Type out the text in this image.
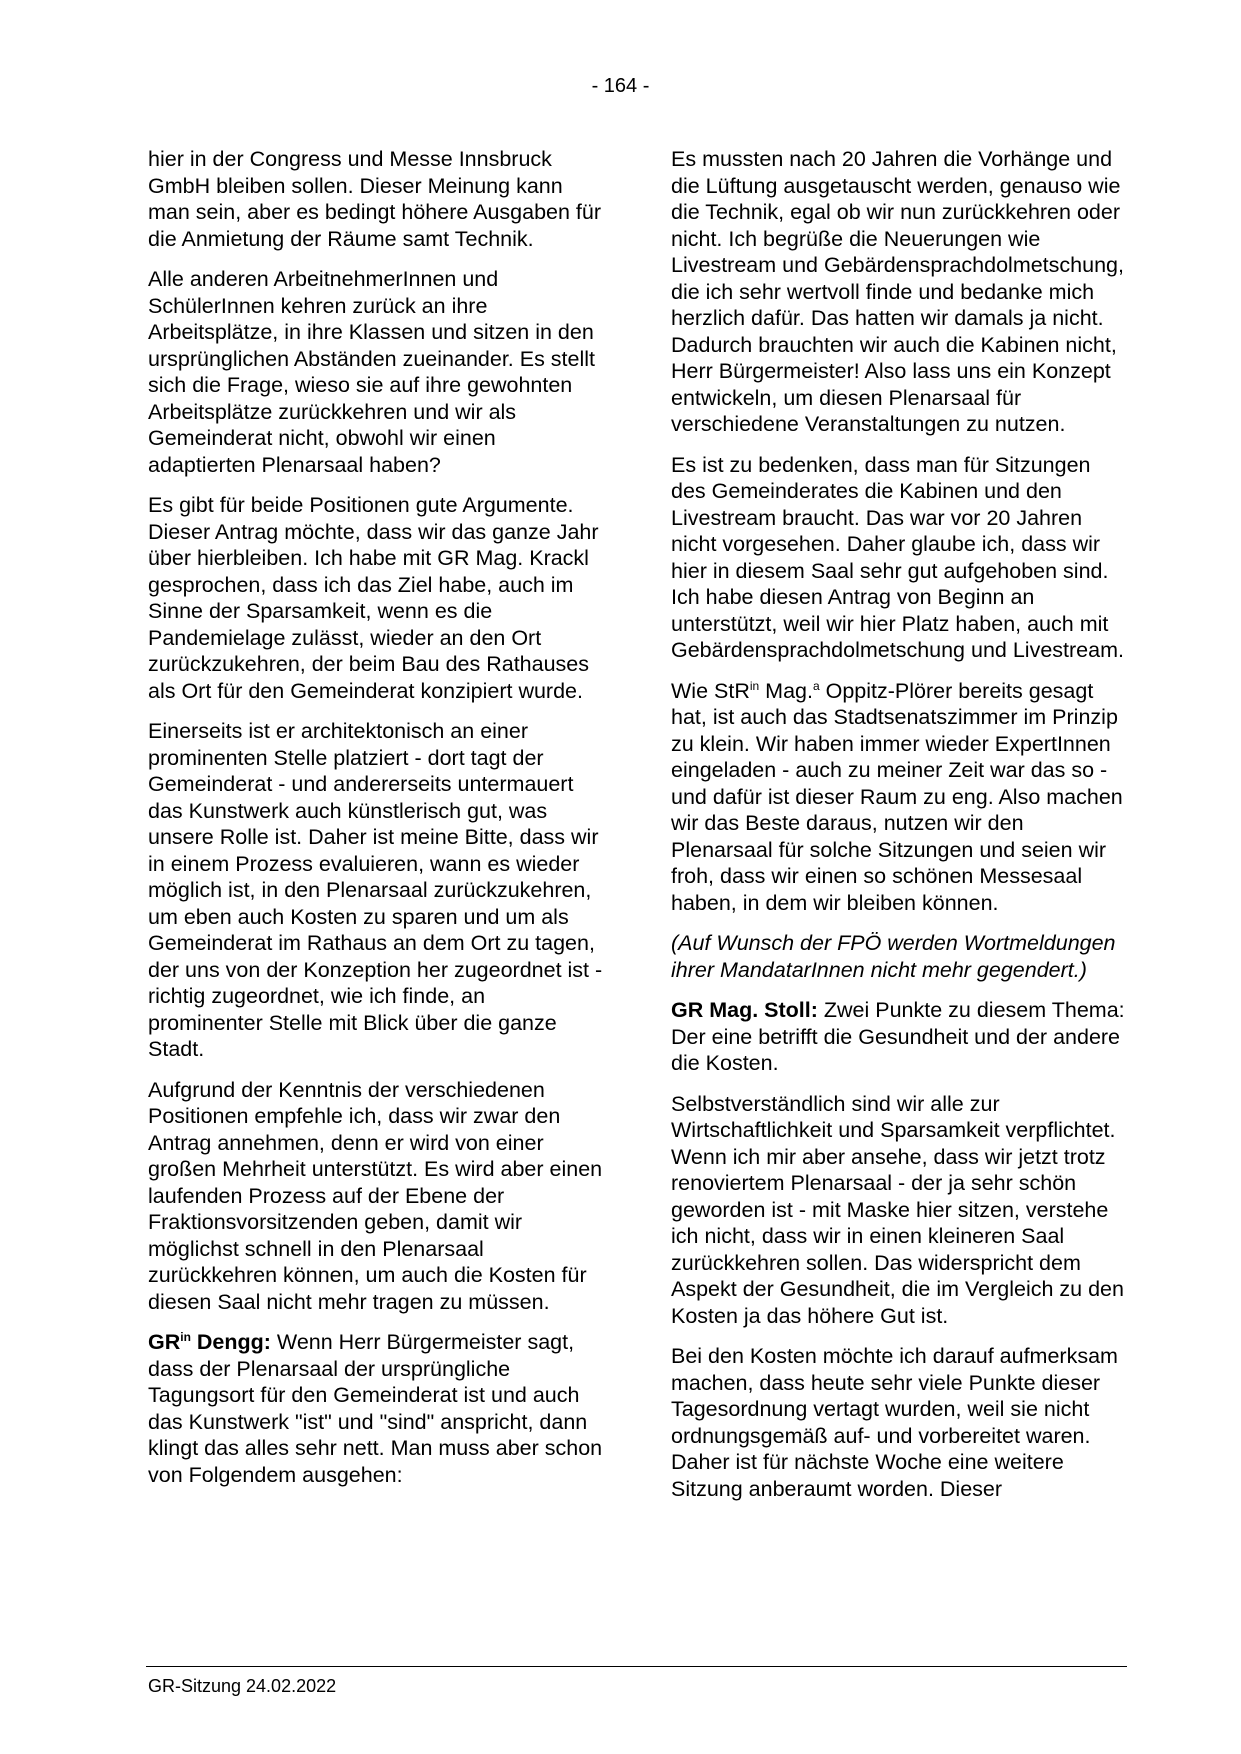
- 164 -

hier in der Congress und Messe Innsbruck GmbH bleiben sollen. Dieser Meinung kann man sein, aber es bedingt höhere Ausgaben für die Anmietung der Räume samt Technik.

Alle anderen ArbeitnehmerInnen und SchülerInnen kehren zurück an ihre Arbeitsplätze, in ihre Klassen und sitzen in den ursprünglichen Abständen zueinander. Es stellt sich die Frage, wieso sie auf ihre gewohnten Arbeitsplätze zurückkehren und wir als Gemeinderat nicht, obwohl wir einen adaptierten Plenarsaal haben?

Es gibt für beide Positionen gute Argumente. Dieser Antrag möchte, dass wir das ganze Jahr über hierbleiben. Ich habe mit GR Mag. Krackl gesprochen, dass ich das Ziel habe, auch im Sinne der Sparsamkeit, wenn es die Pandemielage zulässt, wieder an den Ort zurückzukehren, der beim Bau des Rathauses als Ort für den Gemeinderat konzipiert wurde.

Einerseits ist er architektonisch an einer prominenten Stelle platziert - dort tagt der Gemeinderat - und andererseits untermauert das Kunstwerk auch künstlerisch gut, was unsere Rolle ist. Daher ist meine Bitte, dass wir in einem Prozess evaluieren, wann es wieder möglich ist, in den Plenarsaal zurückzukehren, um eben auch Kosten zu sparen und um als Gemeinderat im Rathaus an dem Ort zu tagen, der uns von der Konzeption her zugeordnet ist - richtig zugeordnet, wie ich finde, an prominenter Stelle mit Blick über die ganze Stadt.

Aufgrund der Kenntnis der verschiedenen Positionen empfehle ich, dass wir zwar den Antrag annehmen, denn er wird von einer großen Mehrheit unterstützt. Es wird aber einen laufenden Prozess auf der Ebene der Fraktionsvorsitzenden geben, damit wir möglichst schnell in den Plenarsaal zurückkehren können, um auch die Kosten für diesen Saal nicht mehr tragen zu müssen.

$GR^{in}$ Dengg: Wenn Herr Bürgermeister sagt, dass der Plenarsaal der ursprüngliche Tagungsort für den Gemeinderat ist und auch das Kunstwerk "ist" und "sind" anspricht, dann klingt das alles sehr nett. Man muss aber schon von Folgendem ausgehen:

Es mussten nach 20 Jahren die Vorhänge und die Lüftung ausgetauscht werden, genauso wie die Technik, egal ob wir nun zurückkehren oder nicht. Ich begrüße die Neuerungen wie Livestream und Gebärdensprachdolmetschung, die ich sehr wertvoll finde und bedanke mich herzlich dafür. Das hatten wir damals ja nicht. Dadurch brauchten wir auch die Kabinen nicht, Herr Bürgermeister! Also lass uns ein Konzept entwickeln, um diesen Plenarsaal für verschiedene Veranstaltungen zu nutzen.

Es ist zu bedenken, dass man für Sitzungen des Gemeinderates die Kabinen und den Livestream braucht. Das war vor 20 Jahren nicht vorgesehen. Daher glaube ich, dass wir hier in diesem Saal sehr gut aufgehoben sind. Ich habe diesen Antrag von Beginn an unterstützt, weil wir hier Platz haben, auch mit Gebärdensprachdolmetschung und Livestream.

Wie StR$^{in}$ Mag.$^a$ Oppitz-Plörer bereits gesagt hat, ist auch das Stadtsenatszimmer im Prinzip zu klein. Wir haben immer wieder ExpertInnen eingeladen - auch zu meiner Zeit war das so - und dafür ist dieser Raum zu eng. Also machen wir das Beste daraus, nutzen wir den Plenarsaal für solche Sitzungen und seien wir froh, dass wir einen so schönen Messesaal haben, in dem wir bleiben können.

(Auf Wunsch der FPÖ werden Wortmeldungen ihrer MandatarInnen nicht mehr gegendert.)

GR Mag. Stoll: Zwei Punkte zu diesem Thema: Der eine betrifft die Gesundheit und der andere die Kosten.

Selbstverständlich sind wir alle zur Wirtschaftlichkeit und Sparsamkeit verpflichtet. Wenn ich mir aber ansehe, dass wir jetzt trotz renoviertem Plenarsaal - der ja sehr schön geworden ist - mit Maske hier sitzen, verstehe ich nicht, dass wir in einen kleineren Saal zurückkehren sollen. Das widerspricht dem Aspekt der Gesundheit, die im Vergleich zu den Kosten ja das höhere Gut ist.

Bei den Kosten möchte ich darauf aufmerksam machen, dass heute sehr viele Punkte dieser Tagesordnung vertagt wurden, weil sie nicht ordnungsgemäß auf- und vorbereitet waren. Daher ist für nächste Woche eine weitere Sitzung anberaumt worden. Dieser

GR-Sitzung 24.02.2022
